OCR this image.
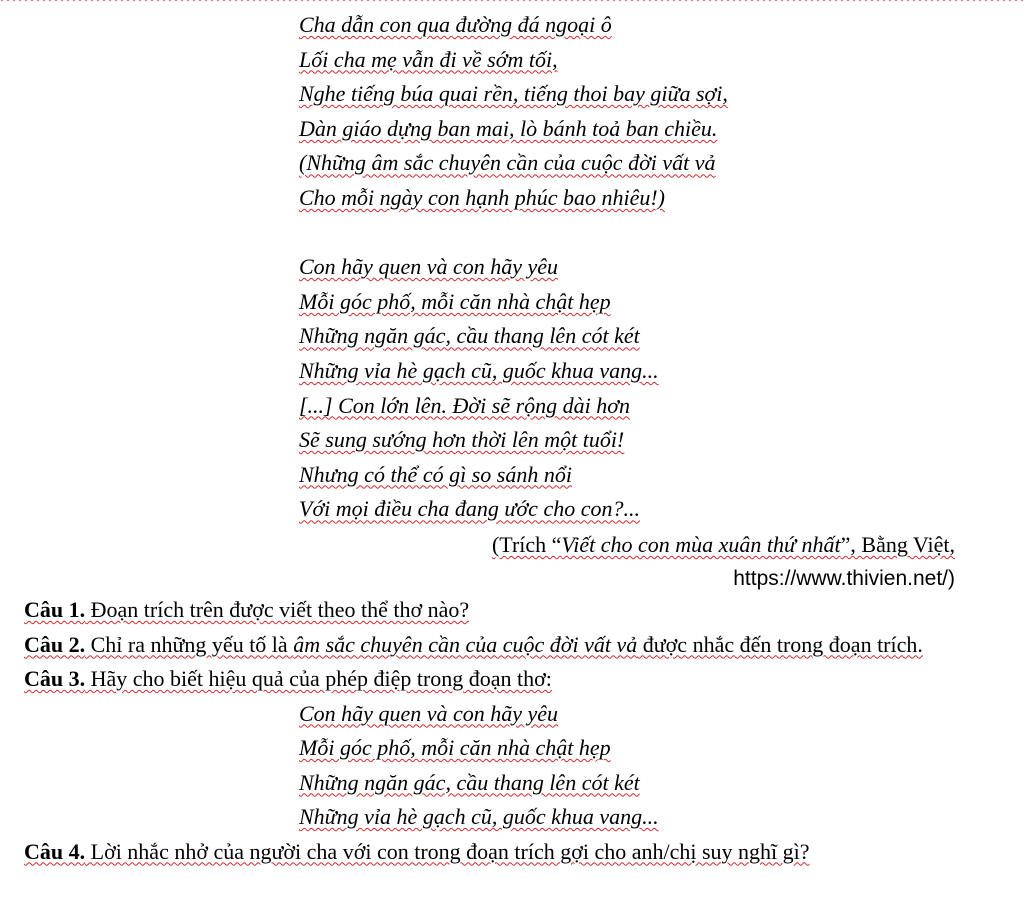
Cha dẫn con qua đường đá ngoại ô
Lối cha mẹ vẫn đi về sớm tối,
Nghe tiếng búa quai rền, tiếng thoi bay giữa sợi,
Dàn giáo dựng ban mai, lò bánh toả ban chiều.
(Những âm sắc chuyên cần của cuộc đời vất vả
Cho mỗi ngày con hạnh phúc bao nhiêu!)
Con hãy quen và con hãy yêu
Mỗi góc phố, mỗi căn nhà chật hẹp
Những ngăn gác, cầu thang lên cót két
Những vỉa hè gạch cũ, guốc khua vang...
[...] Con lớn lên. Đời sẽ rộng dài hơn
Sẽ sung sướng hơn thời lên một tuổi!
Nhưng có thể có gì so sánh nổi
Với mọi điều cha đang ước cho con?...
(Trích “Viết cho con mùa xuân thứ nhất”, Bằng Việt,
https://www.thivien.net/)

Câu 1. Đoạn trích trên được viết theo thể thơ nào?

Câu 2. Chỉ ra những yếu tố là âm sắc chuyên cần của cuộc đời vất vả được nhắc đến trong đoạn trích.

Câu 3. Hãy cho biết hiệu quả của phép điệp trong đoạn thơ:

Con hãy quen và con hãy yêu
Mỗi góc phố, mỗi căn nhà chật hẹp
Những ngăn gác, cầu thang lên cót két
Những vỉa hè gạch cũ, guốc khua vang...

Câu 4. Lời nhắc nhở của người cha với con trong đoạn trích gợi cho anh/chị suy nghĩ gì?
